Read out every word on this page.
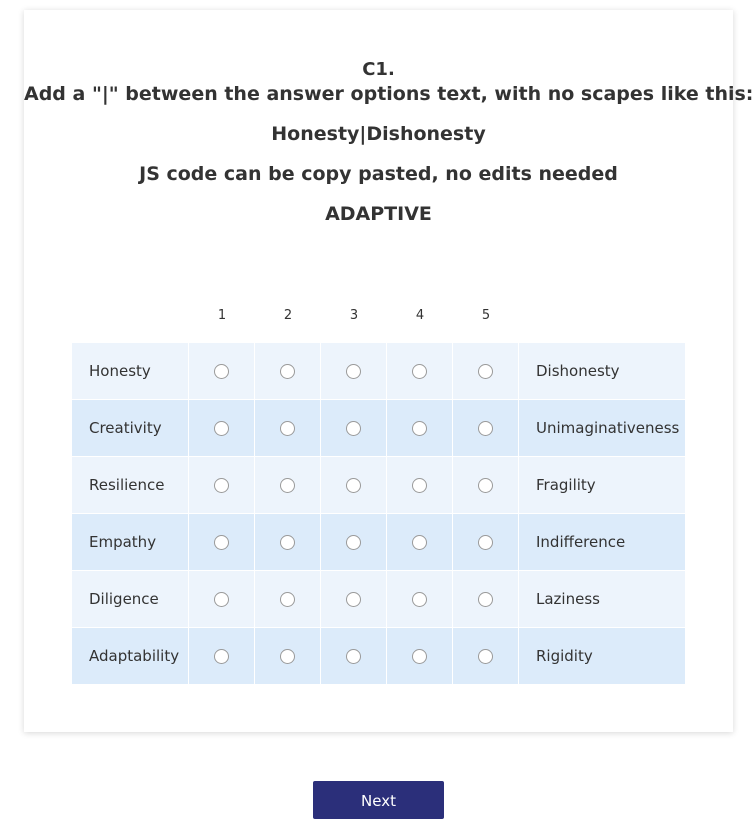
C1.
Add a "|" between the answer options text, with no scapes like this:
Honesty|Dishonesty
JS code can be copy pasted, no edits needed
ADAPTIVE
1	2	3	4	5
Honesty	Dishonesty
Creativity	Unimaginativeness
Resilience	Fragility
Empathy	Indifference
Diligence	Laziness
Adaptability	Rigidity
Next
